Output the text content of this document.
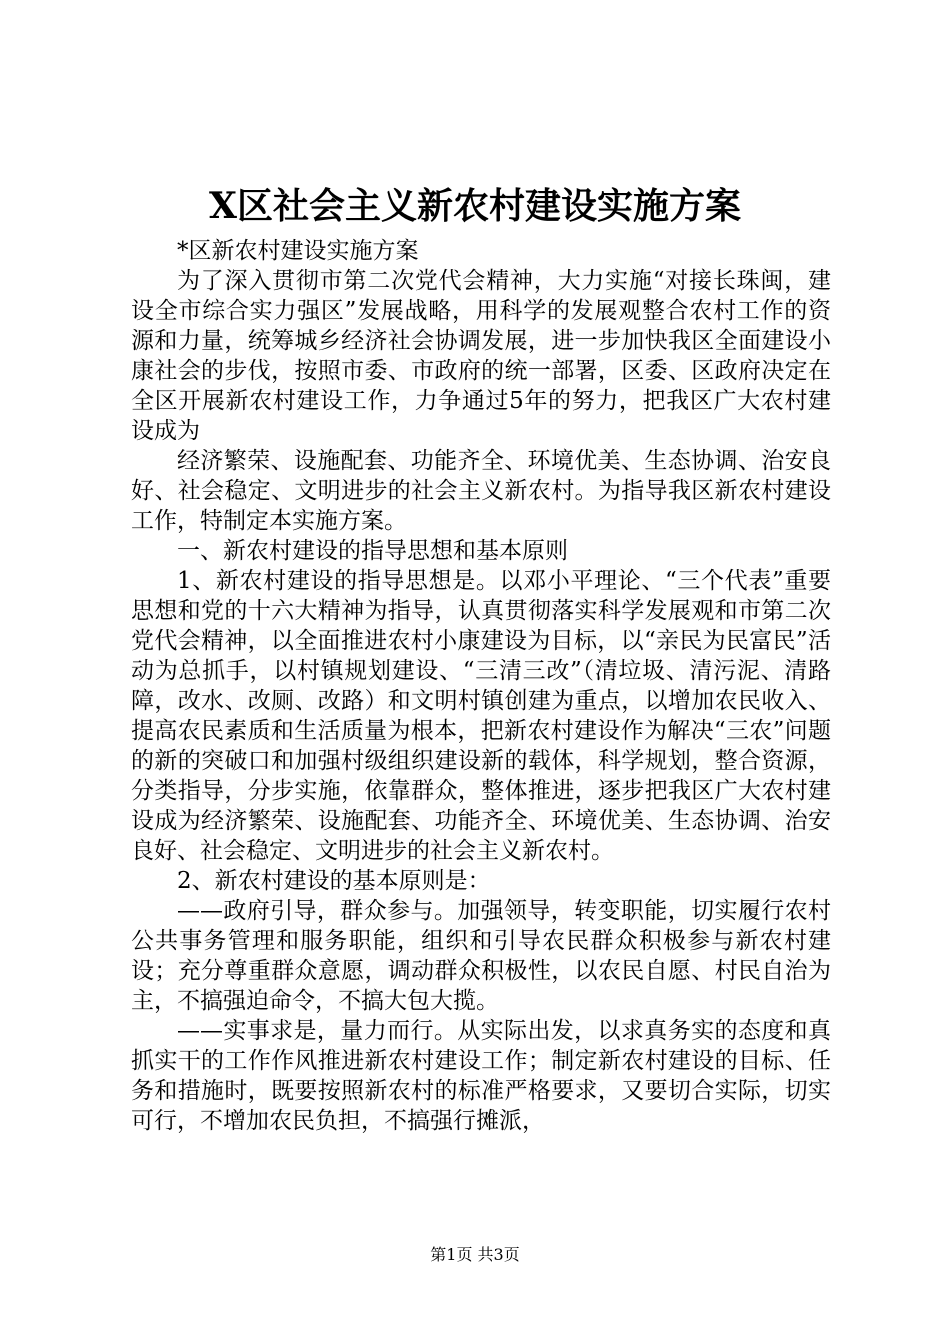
X区社会主义新农村建设实施方案

*区新农村建设实施方案

为了深入贯彻市第二次党代会精神，大力实施“对接长珠闽，建设全市综合实力强区”发展战略，用科学的发展观整合农村工作的资源和力量，统筹城乡经济社会协调发展，进一步加快我区全面建设小康社会的步伐，按照市委、市政府的统一部署，区委、区政府决定在全区开展新农村建设工作，力争通过5年的努力，把我区广大农村建设成为

经济繁荣、设施配套、功能齐全、环境优美、生态协调、治安良好、社会稳定、文明进步的社会主义新农村。为指导我区新农村建设工作，特制定本实施方案。

一、新农村建设的指导思想和基本原则

1、新农村建设的指导思想是。以邓小平理论、“三个代表”重要思想和党的十六大精神为指导，认真贯彻落实科学发展观和市第二次党代会精神，以全面推进农村小康建设为目标，以“亲民为民富民”活动为总抓手，以村镇规划建设、“三清三改”（清垃圾、清污泥、清路障，改水、改厕、改路）和文明村镇创建为重点，以增加农民收入、提高农民素质和生活质量为根本，把新农村建设作为解决“三农”问题的新的突破口和加强村级组织建设新的载体，科学规划，整合资源，分类指导，分步实施，依靠群众，整体推进，逐步把我区广大农村建设成为经济繁荣、设施配套、功能齐全、环境优美、生态协调、治安良好、社会稳定、文明进步的社会主义新农村。

2、新农村建设的基本原则是：

——政府引导，群众参与。加强领导，转变职能，切实履行农村公共事务管理和服务职能，组织和引导农民群众积极参与新农村建设；充分尊重群众意愿，调动群众积极性，以农民自愿、村民自治为主，不搞强迫命令，不搞大包大揽。

——实事求是，量力而行。从实际出发，以求真务实的态度和真抓实干的工作作风推进新农村建设工作；制定新农村建设的目标、任务和措施时，既要按照新农村的标准严格要求，又要切合实际，切实可行，不增加农民负担，不搞强行摊派，

第1页 共3页
